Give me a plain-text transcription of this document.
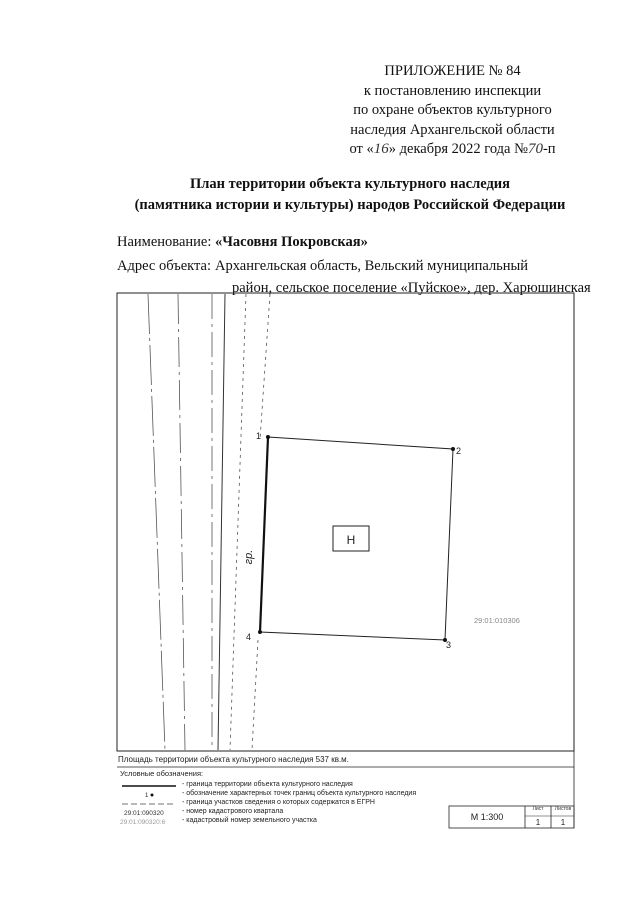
ПРИЛОЖЕНИЕ № 84
к постановлению инспекции
по охране объектов культурного
наследия Архангельской области
от «16» декабря 2022 года №70-п
План территории объекта культурного наследия
(памятника истории и культуры) народов Российской Федерации
Наименование: «Часовня Покровская»
Адрес объекта: Архангельская область, Вельский муниципальный
район, сельское поселение «Пуйское», дер. Харюшинская
1
2
3
4
Н
гр.
29:01:010306
Площадь территории объекта культурного наследия 537 кв.м.
Условные обозначения:
- граница территории объекта культурного наследия
1	- обозначение характерных точек границ объекта культурного наследия
- граница участков сведения о которых содержатся в ЕГРН
29:01:090320	- номер кадастрового квартала
29:01:090320:6 - кадастровый номер земельного участка	М 1:300
Лист	Листов
1	1
